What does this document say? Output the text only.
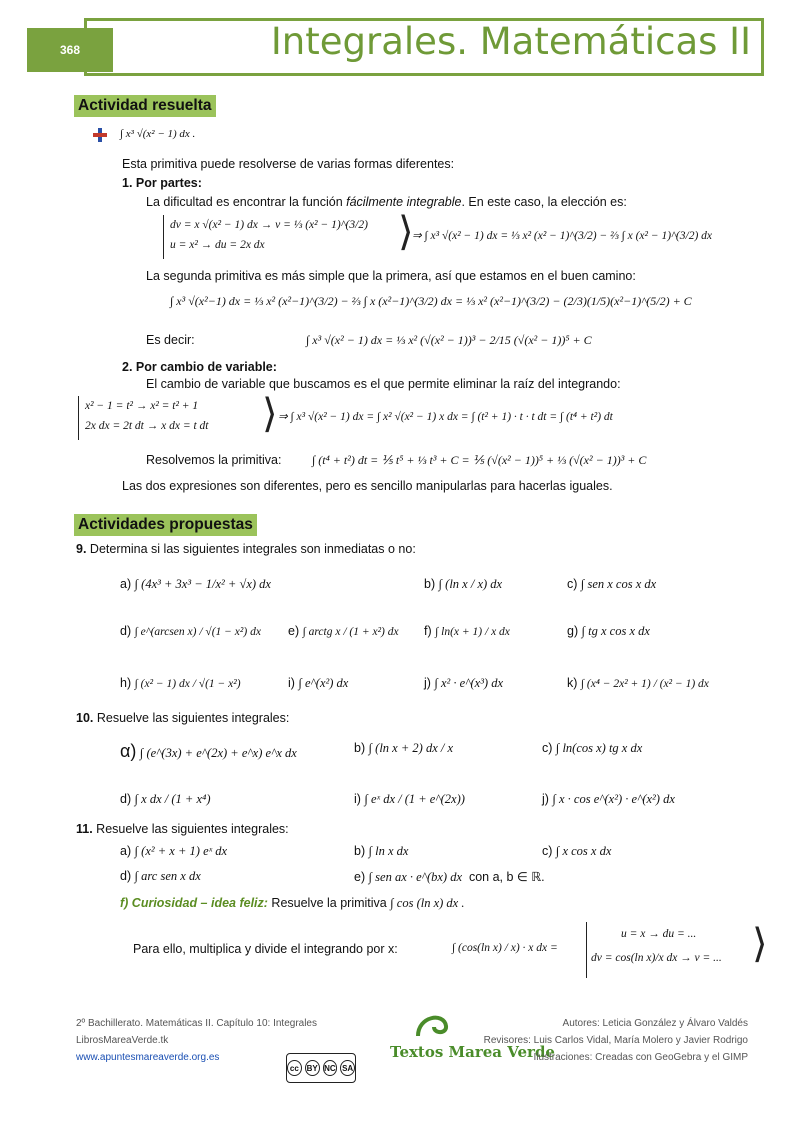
368	Integrales. Matemáticas II
Actividad resuelta
∫ x³ √(x² − 1) dx .
Esta primitiva puede resolverse de varias formas diferentes:
1. Por partes:
La dificultad es encontrar la función fácilmente integrable. En este caso, la elección es:
dv = x √(x² − 1) dx → v = ⅓ (x² − 1)^(3/2)
u = x² → du = 2x dx	⟩
⇒ ∫ x³ √(x² − 1) dx = ⅓ x² (x² − 1)^(3/2) − ⅔ ∫ x (x² − 1)^(3/2) dx
La segunda primitiva es más simple que la primera, así que estamos en el buen camino:
∫ x³ √(x²−1) dx = ⅓ x² (x²−1)^(3/2) − ⅔ ∫ x (x²−1)^(3/2) dx = ⅓ x² (x²−1)^(3/2) − (2/3)(1/5)(x²−1)^(5/2) + C
Es decir:	∫ x³ √(x² − 1) dx = ⅓ x² (√(x² − 1))³ − 2/15 (√(x² − 1))⁵ + C
2. Por cambio de variable:
El cambio de variable que buscamos es el que permite eliminar la raíz del integrando:
x² − 1 = t² → x² = t² + 1
2x dx = 2t dt → x dx = t dt ⟩ ⇒ ∫ x³ √(x² − 1) dx = ∫ x² √(x² − 1) x dx = ∫ (t² + 1) · t · t dt = ∫ (t⁴ + t²) dt
Resolvemos la primitiva:	∫ (t⁴ + t²) dt = ⅕ t⁵ + ⅓ t³ + C = ⅕ (√(x² − 1))⁵ + ⅓ (√(x² − 1))³ + C
Las dos expresiones son diferentes, pero es sencillo manipularlas para hacerlas iguales.
Actividades propuestas
9. Determina si las siguientes integrales son inmediatas o no:
a) ∫ (4x³ + 3x³ − 1/x² + √x) dx	b) ∫ (ln x / x) dx	c) ∫ sen x cos x dx
d) ∫ e^(arcsen x) / √(1 − x²) dx e) ∫ arctg x / (1 + x²) dx f) ∫ ln(x + 1) / x dx	g) ∫ tg x cos x dx
h) ∫ (x² − 1) dx / √(1 − x²)	i) ∫ e^(x²) dx	j) ∫ x² · e^(x³) dx	k) ∫ (x⁴ − 2x² + 1) / (x² − 1) dx
10. Resuelve las siguientes integrales:
α) ∫ (e^(3x) + e^(2x) + e^x) e^x dx	b) ∫ (ln x + 2) dx / x	c) ∫ ln(cos x) tg x dx
d) ∫ x dx / (1 + x⁴)	i) ∫ eˣ dx / (1 + e^(2x))	j) ∫ x · cos e^(x²) · e^(x²) dx
11. Resuelve las siguientes integrales:
a) ∫ (x² + x + 1) eˣ dx	b) ∫ ln x dx	c) ∫ x cos x dx
d) ∫ arc sen x dx	e) ∫ sen ax · e^(bx) dx con a, b ∈ ℝ.
f) Curiosidad – idea feliz: Resuelve la primitiva ∫ cos (ln x) dx .
Para ello, multiplica y divide el integrando por x:	∫ (cos(ln x) / x) · x dx =
u = x → du = ...
dv = cos(ln x)/x dx → v = ... ⟩
2º Bachillerato. Matemáticas II. Capítulo 10: Integrales
LibrosMareaVerde.tk
www.apuntesmareaverde.org.es
cc BY NC SA
Textos Marea Verde
Autores: Leticia González y Álvaro Valdés
Revisores: Luis Carlos Vidal, María Molero y Javier Rodrigo
Ilustraciones: Creadas con GeoGebra y el GIMP
